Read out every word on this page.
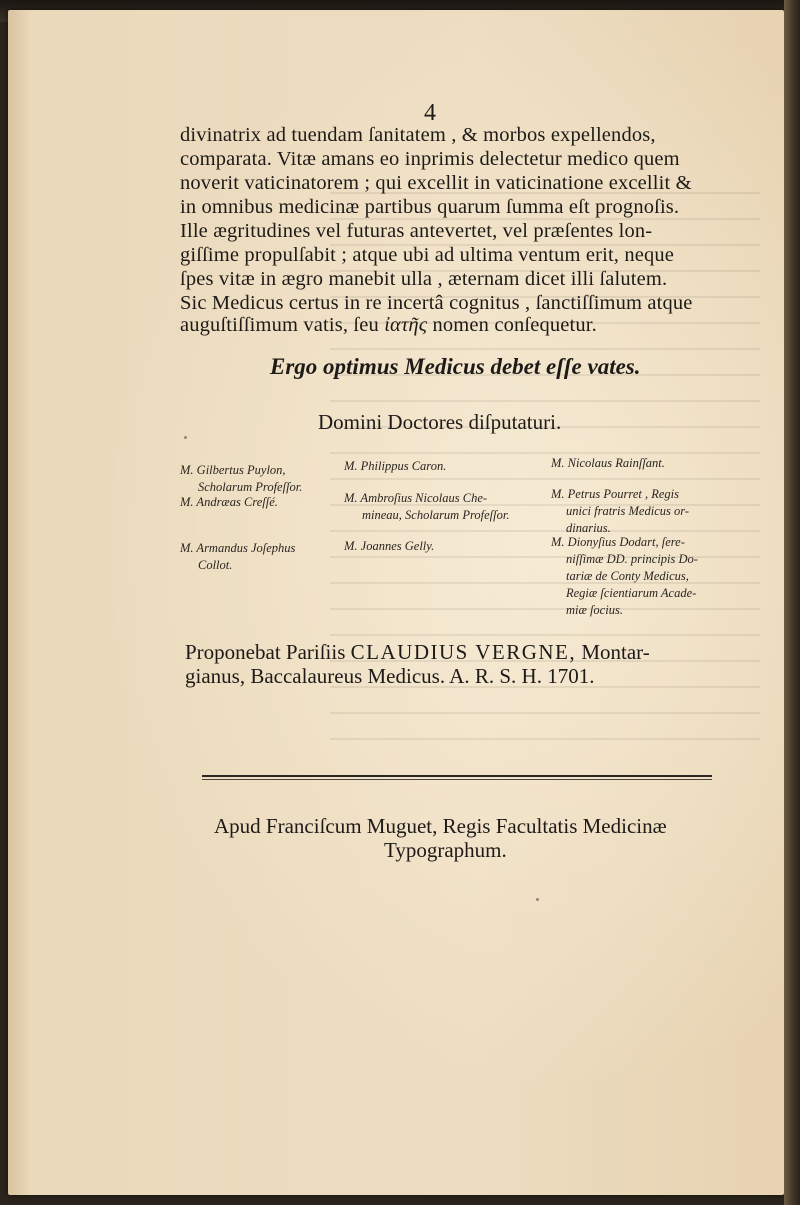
4
divinatrix ad tuendam ſanitatem , & morbos expellendos,
comparata. Vitæ amans eo inprimis delectetur medico quem
noverit vaticinatorem ; qui excellit in vaticinatione excellit &
in omnibus medicinæ partibus quarum ſumma eſt prognoſis.
Ille ægritudines vel futuras antevertet, vel præſentes lon-
giſſime propulſabit ; atque ubi ad ultima ventum erit, neque
ſpes vitæ in ægro manebit ulla , æternam dicet illi ſalutem.
Sic Medicus certus in re incertâ cognitus , ſanctiſſimum atque
auguſtiſſimum vatis, ſeu ἰατῆς nomen conſequetur.
Ergo optimus Medicus debet eſſe vates.
Domini Doctores diſputaturi.
M. Gilbertus Puylon,
Scholarum Profeſſor.
M. Andræas Creſſé.
M. Armandus Joſephus
Collot.
M. Philippus Caron.
M. Ambroſius Nicolaus Che-
mineau, Scholarum Profeſſor.
M. Joannes Gelly.
M. Nicolaus Rainſſant.
M. Petrus Pourret , Regis
unici fratris Medicus or-
dinarius.
M. Dionyſius Dodart, ſere-
niſſimæ DD. principis Do-
tariæ de Conty Medicus,
Regiæ ſcientiarum Acade-
miæ ſocius.
Proponebat Pariſiis CLAUDIUS VERGNE, Montar-
gianus, Baccalaureus Medicus. A. R. S. H. 1701.
Apud Franciſcum Muguet, Regis Facultatis Medicinæ
Typographum.
